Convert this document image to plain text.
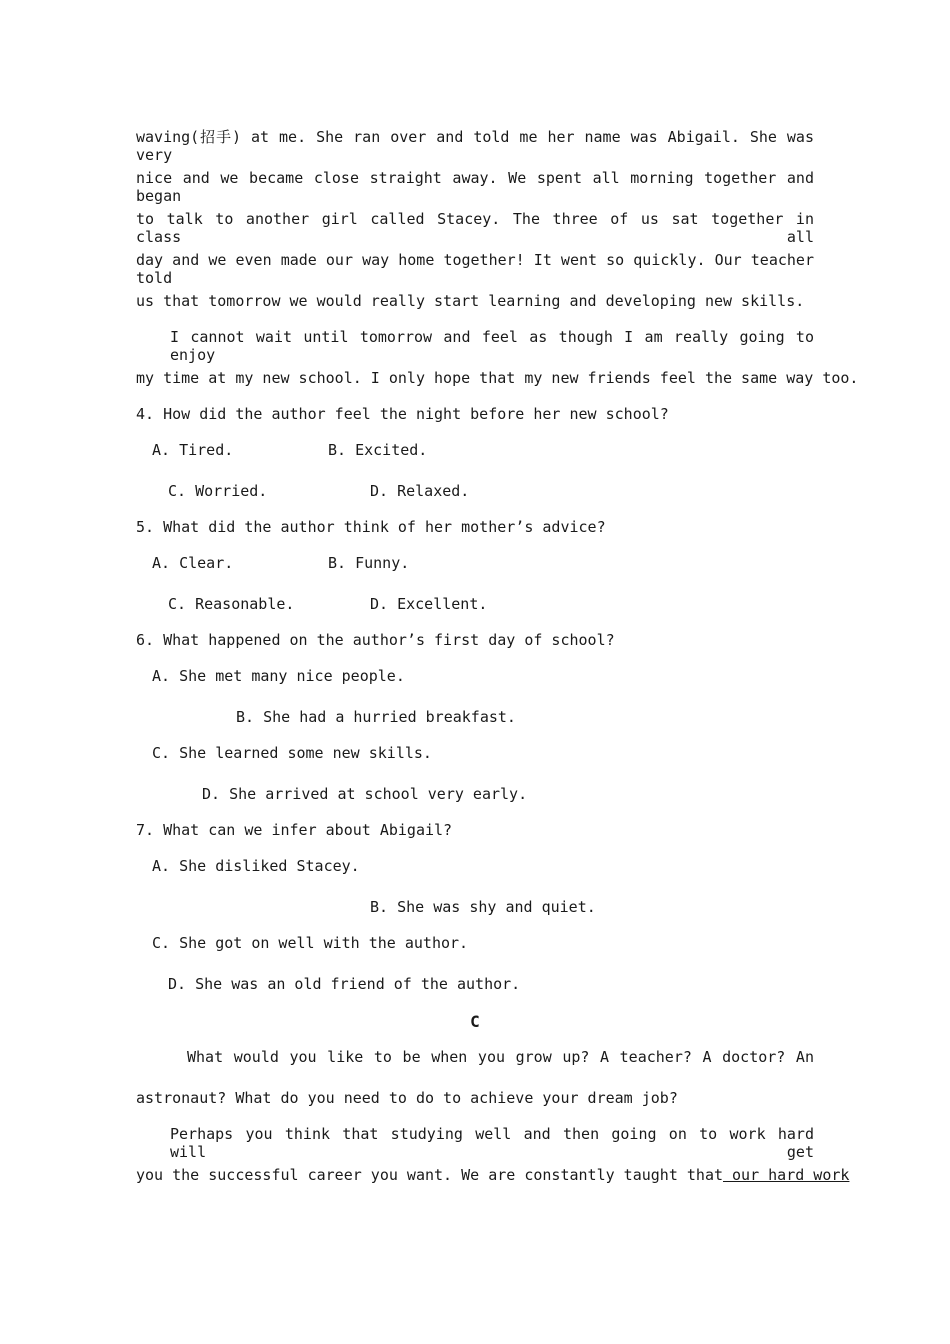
waving(招手) at me. She ran over and told me her name was Abigail. She was very
nice and we became close straight away. We spent all morning together and began
to talk to another girl called Stacey. The three of us sat together in class all
day and we even made our way home together! It went so quickly. Our teacher told
us that tomorrow we would really start learning and developing new skills.
I cannot wait until tomorrow and feel as though I am really going to enjoy
my time at my new school. I only hope that my new friends feel the same way too.
4. How did the author feel the night before her new school?
A. Tired.	B. Excited.
C. Worried.	D. Relaxed.
5. What did the author think of her mother’s advice?
A. Clear.	B. Funny.
C. Reasonable.	D. Excellent.
6. What happened on the author’s first day of school?
A. She met many nice people.
B. She had a hurried breakfast.
C. She learned some new skills.
D. She arrived at school very early.
7. What can we infer about Abigail?
A. She disliked Stacey.
B. She was shy and quiet.
C. She got on well with the author.
D. She was an old friend of the author.
C
What would you like to be when you grow up? A teacher? A doctor? An
astronaut? What do you need to do to achieve your dream job?
Perhaps you think that studying well and then going on to work hard will get
you the successful career you want. We are constantly taught that our hard work
